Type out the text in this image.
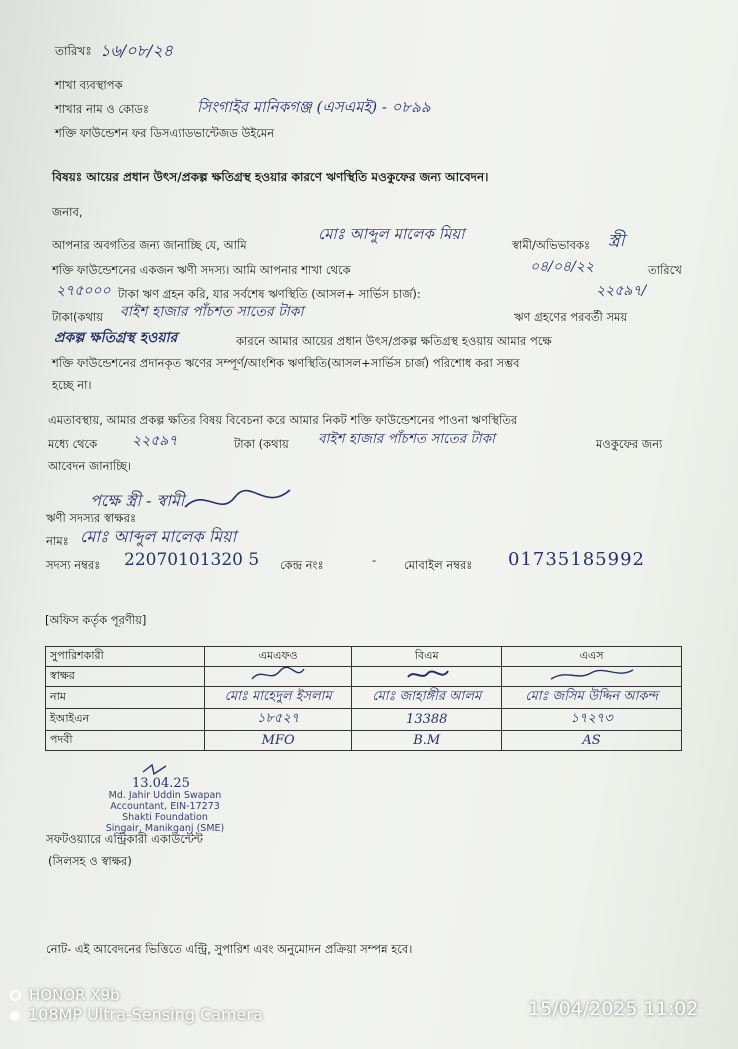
তারিখঃ ১৬/০৮/২৪
শাখা ব্যবস্থাপক
শাখার নাম ও কোডঃ	সিংগাইর মানিকগঞ্জ (এসএমই) - ০৮৯৯
শক্তি ফাউন্ডেশন ফর ডিসএ্যাডভান্টেজড উইমেন
বিষয়ঃ আয়ের প্রধান উৎস/প্রকল্প ক্ষতিগ্রস্থ হওয়ার কারণে ঋণস্থিতি মওকুফের জন্য আবেদন।
জনাব,
আপনার অবগতির জন্য জানাচ্ছি যে, আমি
মোঃ আব্দুল মালেক মিয়া
স্বামী/অভিভাবকঃ স্ত্রী
শক্তি ফাউন্ডেশনের একজন ঋণী সদস্য। আমি আপনার শাখা থেকে	০৪/০৪/২২	তারিখে
২৭৫০০০ টাকা ঋণ গ্রহন করি, যার সর্বশেষ ঋণস্থিতি (আসল+ সার্ভিস চার্জ):	২২৫৯৭/
টাকা(কথায় বাইশ হাজার পাঁচশত সাতের টাকা	ঋণ গ্রহণের পরবর্তী সময়
প্রকল্প ক্ষতিগ্রস্থ হওয়ার	কারনে আমার আয়ের প্রধান উৎস/প্রকল্প ক্ষতিগ্রস্থ হওয়ায় আমার পক্ষে
শক্তি ফাউন্ডেশনের প্রদানকৃত ঋণের সম্পূর্ণ/আংশিক ঋণস্থিতি(আসল+সার্ভিস চার্জ) পরিশোধ করা সম্ভব
হচ্ছে না।
এমতাবস্থায়, আমার প্রকল্প ক্ষতির বিষয় বিবেচনা করে আমার নিকট শক্তি ফাউন্ডেশনের পাওনা ঋণস্থিতির
মধ্যে থেকে ২২৫৯৭	টাকা (কথায় বাইশ হাজার পাঁচশত সাতের টাকা	মওকুফের জন্য
আবেদন জানাচ্ছি।
পক্ষে স্ত্রী - স্বামী
ঋণী সদস্যর স্বাক্ষরঃ
নামঃ মোঃ আব্দুল মালেক মিয়া
সদস্য নম্বরঃ 22070101320 5 কেন্দ্র নংঃ	- মোবাইল নম্বরঃ 01735185992
[অফিস কর্তৃক পূরণীয়]
সুপারিশকারী	এমএফও	বিএম	এএস
স্বাক্ষর			
নাম	মোঃ মাহেদুল ইসলাম	মোঃ জাহাঙ্গীর আলম	মোঃ জসিম উদ্দিন আকন্দ
ইআইএন	১৮৫২৭	13388	১৭২৭৩
পদবী	MFO	B.M	AS
13.04.25
Md. Jahir Uddin Swapan
Accountant, EIN-17273
Shakti Foundation
Singair, Manikganj (SME)
সফটওয়্যারে এন্ট্রিকারী একাউন্টেন্ট
(সিলসহ ও স্বাক্ষর)
নোট- এই আবেদনের ভিত্তিতে এন্ট্রি, সুপারিশ এবং অনুমোদন প্রক্রিয়া সম্পন্ন হবে।
HONOR X9b
108MP Ultra-Sensing Camera	15/04/2025 11:02
